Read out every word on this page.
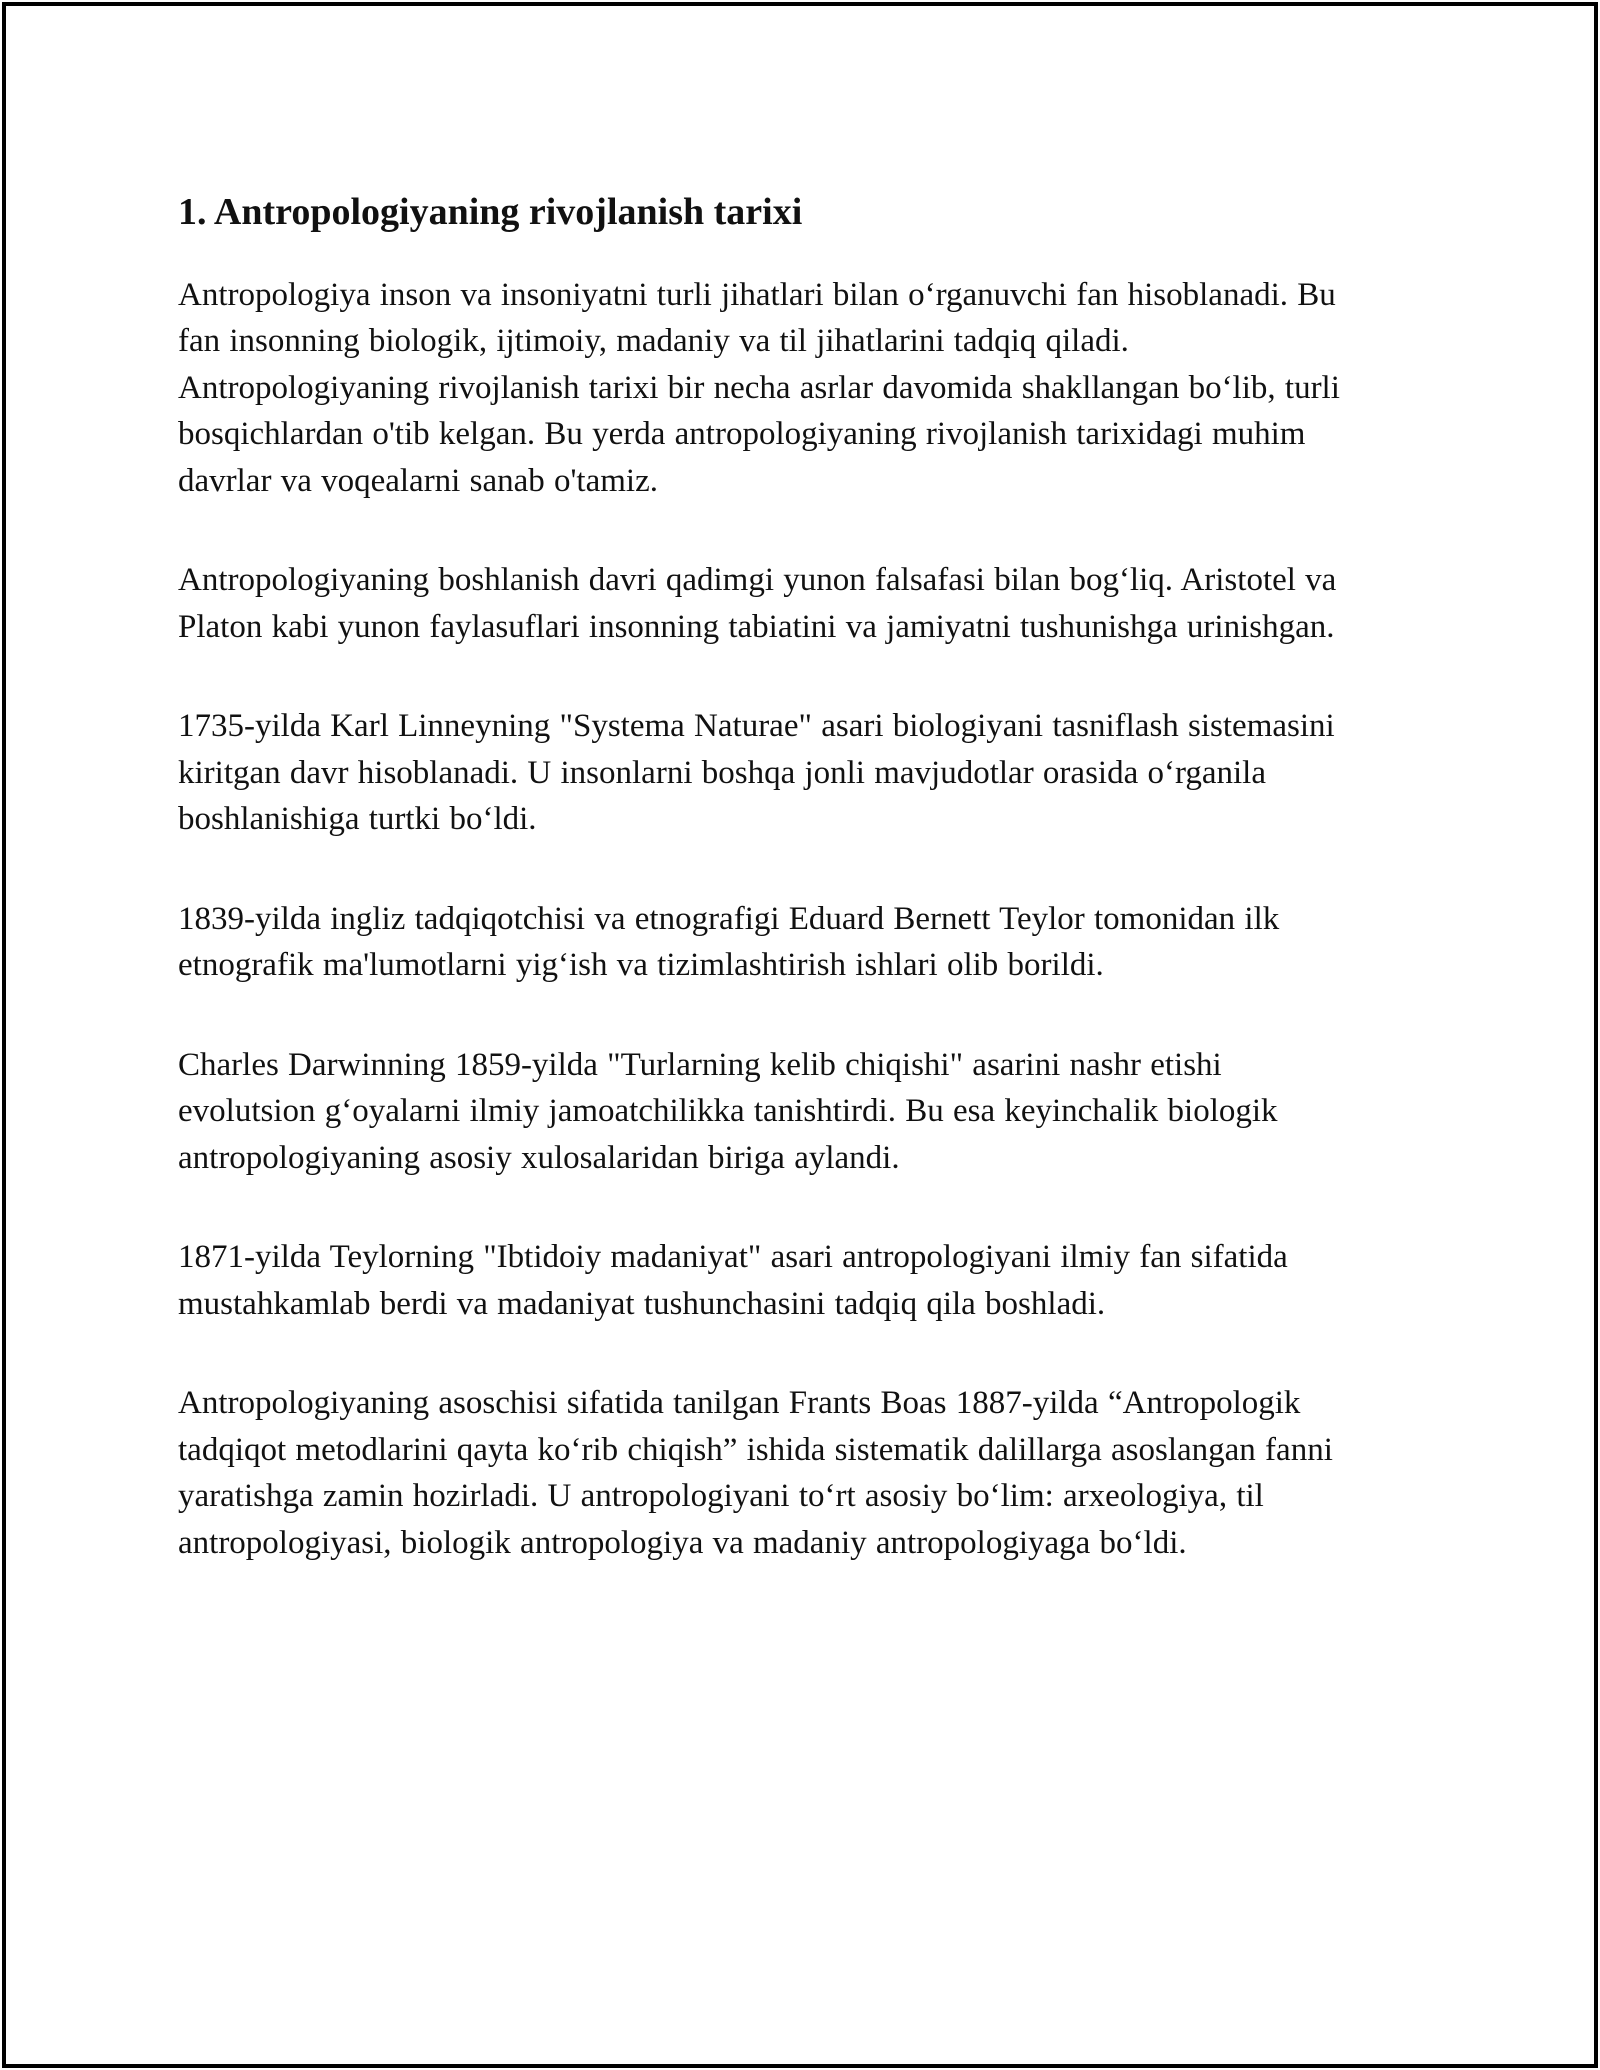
1. Antropologiyaning rivojlanish tarixi

Antropologiya inson va insoniyatni turli jihatlari bilan o‘rganuvchi fan hisoblanadi. Bu fan insonning biologik, ijtimoiy, madaniy va til jihatlarini tadqiq qiladi. Antropologiyaning rivojlanish tarixi bir necha asrlar davomida shakllangan bo‘lib, turli bosqichlardan o'tib kelgan. Bu yerda antropologiyaning rivojlanish tarixidagi muhim davrlar va voqealarni sanab o'tamiz.

Antropologiyaning boshlanish davri qadimgi yunon falsafasi bilan bog‘liq. Aristotel va Platon kabi yunon faylasuflari insonning tabiatini va jamiyatni tushunishga urinishgan.

1735-yilda Karl Linneyning "Systema Naturae" asari biologiyani tasniflash sistemasini kiritgan davr hisoblanadi. U insonlarni boshqa jonli mavjudotlar orasida o‘rganila boshlanishiga turtki bo‘ldi.

1839-yilda ingliz tadqiqotchisi va etnografigi Eduard Bernett Teylor tomonidan ilk etnografik ma'lumotlarni yig‘ish va tizimlashtirish ishlari olib borildi.

Charles Darwinning 1859-yilda "Turlarning kelib chiqishi" asarini nashr etishi evolutsion g‘oyalarni ilmiy jamoatchilikka tanishtirdi. Bu esa keyinchalik biologik antropologiyaning asosiy xulosalaridan biriga aylandi.

1871-yilda Teylorning "Ibtidoiy madaniyat" asari antropologiyani ilmiy fan sifatida mustahkamlab berdi va madaniyat tushunchasini tadqiq qila boshladi.

Antropologiyaning asoschisi sifatida tanilgan Frants Boas 1887-yilda “Antropologik tadqiqot metodlarini qayta ko‘rib chiqish” ishida sistematik dalillarga asoslangan fanni yaratishga zamin hozirladi. U antropologiyani to‘rt asosiy bo‘lim: arxeologiya, til antropologiyasi, biologik antropologiya va madaniy antropologiyaga bo‘ldi.
